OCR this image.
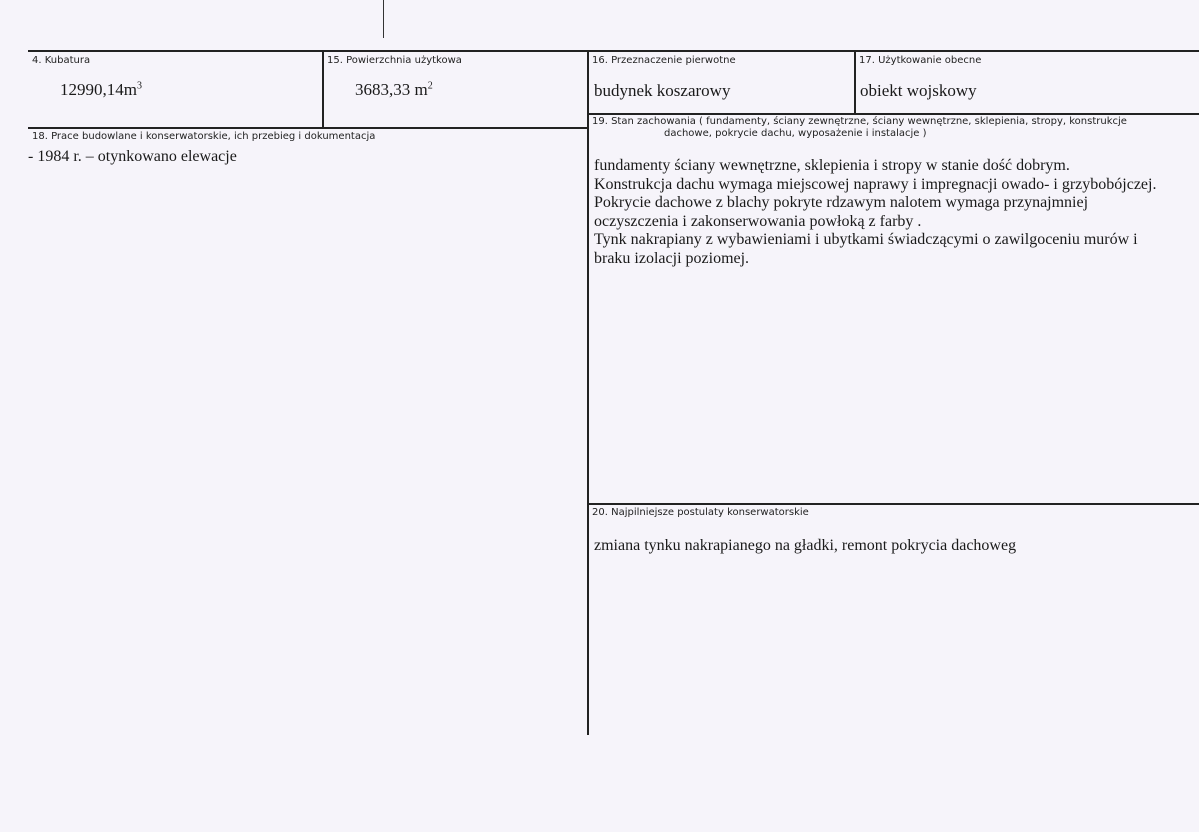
4. Kubatura
$12990,14m^3$
15. Powierzchnia użytkowa
3683,33 $m^2$
16. Przeznaczenie pierwotne
budynek koszarowy
17. Użytkowanie obecne
obiekt wojskowy
18. Prace budowlane i konserwatorskie, ich przebieg i dokumentacja
- 1984 r. – otynkowano elewacje
19. Stan zachowania ( fundamenty, ściany zewnętrzne, ściany wewnętrzne, sklepienia, stropy, konstrukcje
dachowe, pokrycie dachu, wyposażenie i instalacje )
fundamenty ściany wewnętrzne, sklepienia i stropy w stanie dość dobrym.
Konstrukcja dachu wymaga miejscowej naprawy i impregnacji owado- i grzybobójczej.
Pokrycie dachowe z blachy pokryte rdzawym nalotem wymaga przynajmniej
oczyszczenia i zakonserwowania powłoką z farby .
Tynk nakrapiany z wybawieniami i ubytkami świadczącymi o zawilgoceniu murów i
braku izolacji poziomej.
20. Najpilniejsze postulaty konserwatorskie
zmiana tynku nakrapianego na gładki, remont pokrycia dachoweg
